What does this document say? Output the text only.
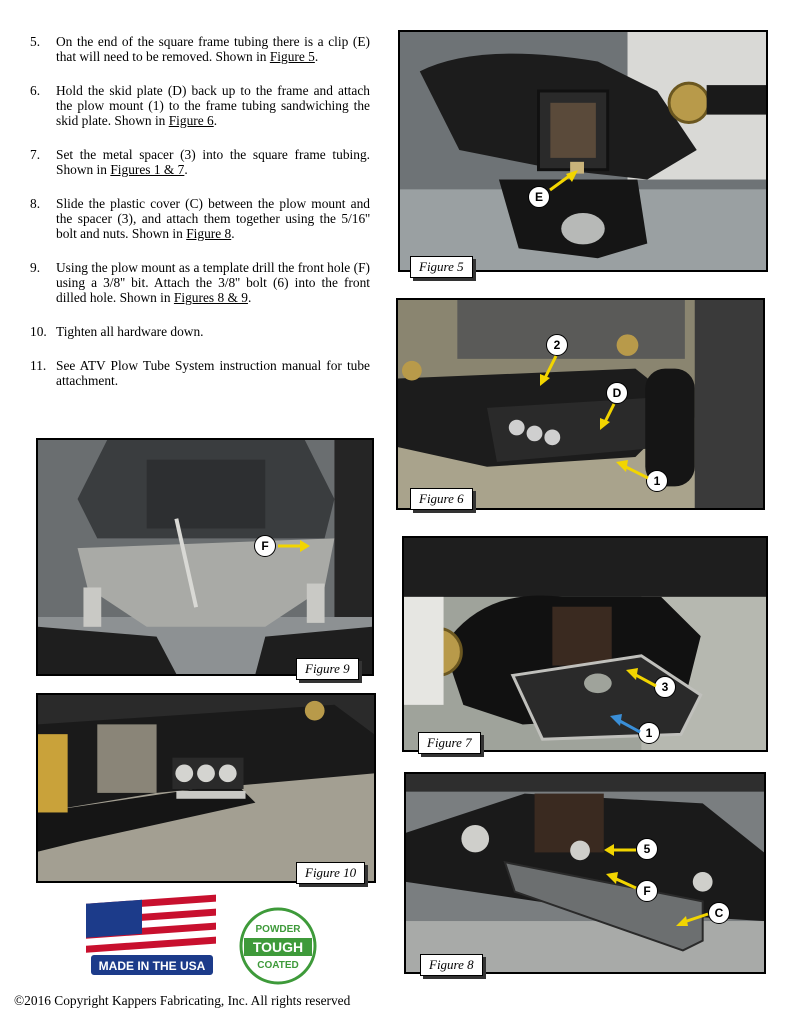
5.	On the end of the square frame tubing there is a clip (E) that will need to be removed. Shown in Figure 5.
6.	Hold the skid plate (D) back up to the frame and attach the plow mount (1) to the frame tubing sandwiching the skid plate. Shown in Figure 6.
7.	Set the metal spacer (3) into the square frame tubing. Shown in Figures 1 & 7.
8.	Slide the plastic cover (C) between the plow mount and the spacer (3), and attach them together using the 5/16'' bolt and nuts. Shown in Figure 8.
9.	Using the plow mount as a template drill the front hole (F) using a 3/8'' bit. Attach the 3/8'' bolt (6) into the front dilled hole. Shown in Figures 8 & 9.
10. Tighten all hardware down.
11. See ATV Plow Tube System instruction manual for tube attachment.
E
Figure 5
2
D
1
Figure 6
F
Figure 9
3
1
Figure 7
Figure 10
5
F
C
Figure 8
MADE IN THE USA
POWDER
TOUGH
COATED
©2016 Copyright Kappers Fabricating, Inc. All rights reserved
